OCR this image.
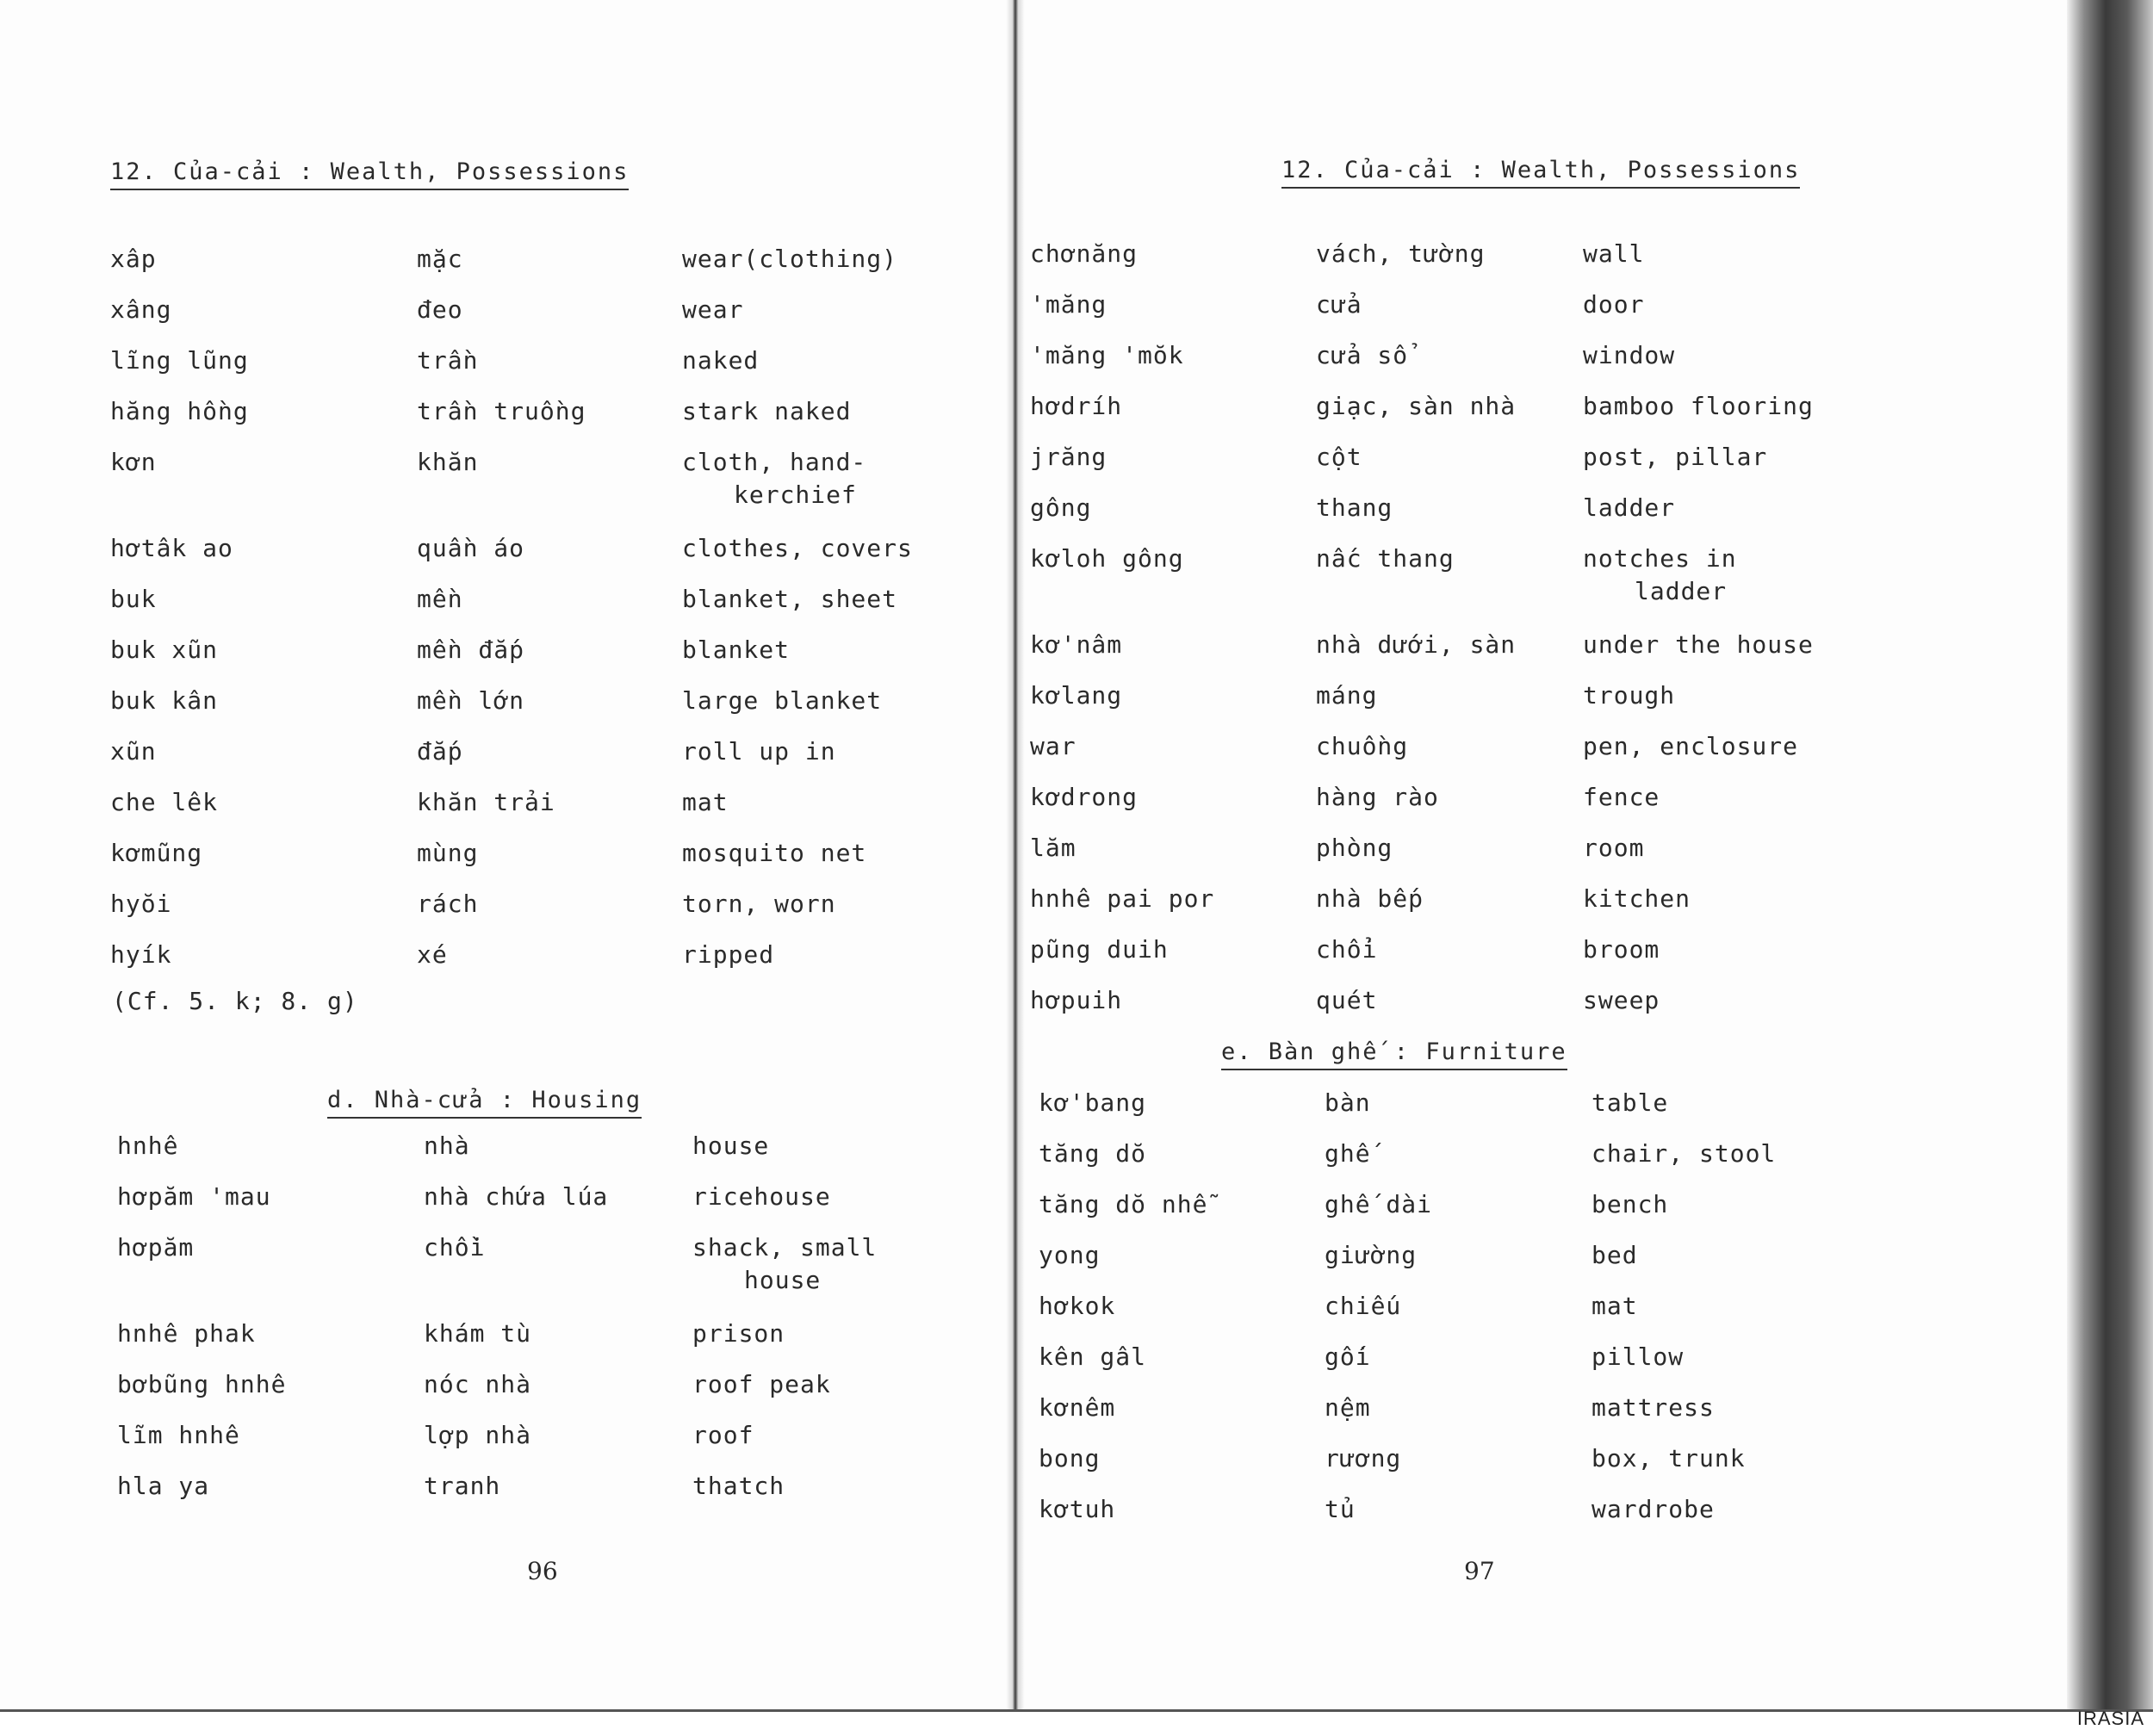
12. Của-cải : Wealth, Possessions
(Cf. 5. k; 8. g)
d. Nhà-cửa : Housing
96
12. Của-cải : Wealth, Possessions
e. Bàn ghế : Furniture
97
IRASIA
xâp	mặc	wear(clothing)
xâng	đeo	wear
lĩng lũng	trần	naked
hăng hồng	trần truồng	stark naked
kơn	khăn	cloth, hand-
kerchief
hơtâk ao	quần áo	clothes, covers
buk	mền	blanket, sheet
buk xũn	mền đắp	blanket
buk kân	mền lớn	large blanket
xũn	đắp	roll up in
che lêk	khăn trải	mat
kơmũng	mùng	mosquito net
hyŏi	rách	torn, worn
hyík	xé	ripped
hnhê	nhà	house
hơpăm 'mau	nhà chứa lúa	ricehouse
hơpăm	chồi	shack, small
house
hnhê phak	khám tù	prison
bơbũng hnhê	nóc nhà	roof peak
lĩm hnhê	lợp nhà	roof
hla ya	tranh	thatch
chơnăng	vách, tường	wall
'măng	cửa	door
'măng 'mŏk	cửa sổ	window
hơdríh	giạc, sàn nhà	bamboo flooring
jrăng	cột	post, pillar
gông	thang	ladder
kơloh gông	nấc thang	notches in
ladder
kơ'nâm	nhà dưới, sàn	under the house
kơlang	máng	trough
war	chuồng	pen, enclosure
kơdrong	hàng rào	fence
lăm	phòng	room
hnhê pai por	nhà bếp	kitchen
pũng duih	chổi	broom
hơpuih	quét	sweep
kơ'bang	bàn	table
tăng dŏ	ghế	chair, stool
tăng dŏ nhễ	ghế dài	bench
yong	giường	bed
hơkok	chiếu	mat
kên gâl	gối	pillow
kơnêm	nệm	mattress
bong	rương	box, trunk
kơtuh	tủ	wardrobe
